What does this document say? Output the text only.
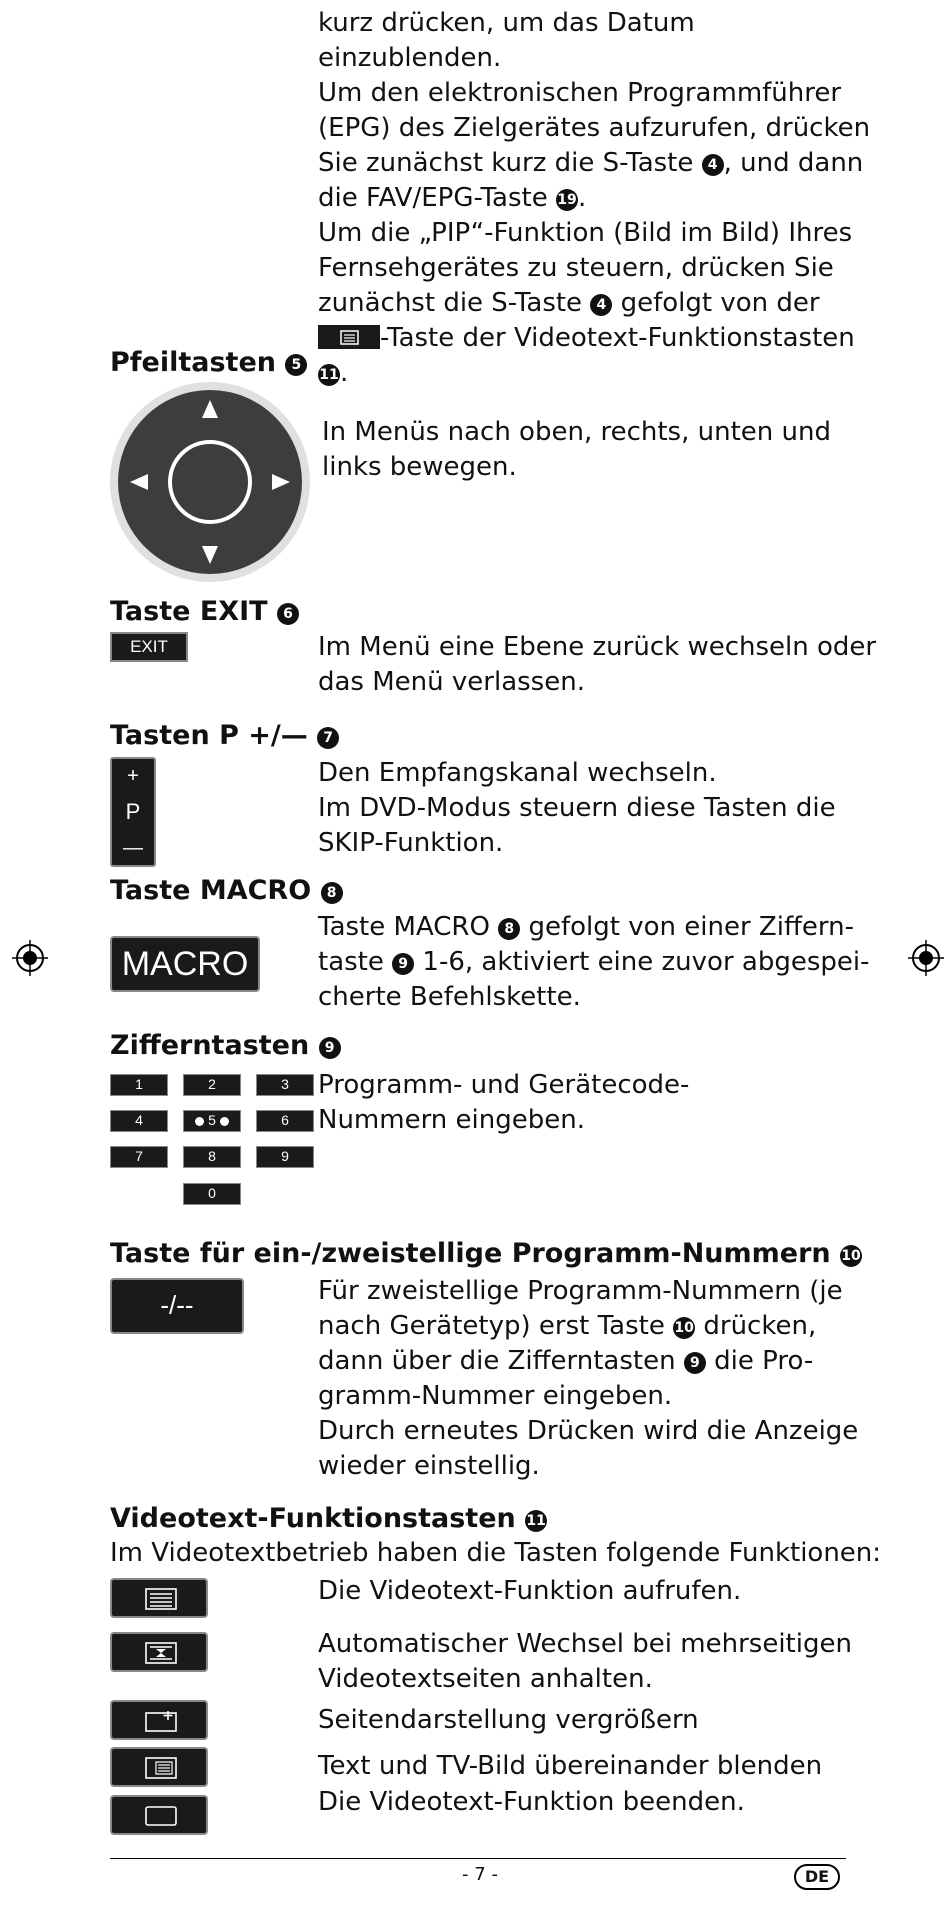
kurz drücken, um das Datum einzublenden.
Um den elektronischen Programmführer
(EPG) des Zielgerätes aufzurufen, drücken
Sie zunächst kurz die S-Taste 4 , und dann
die FAV/EPG-Taste 19.
Um die „PIP“-Funktion (Bild im Bild) Ihres
Fernsehgerätes zu steuern, drücken Sie
zunächst die S-Taste 4 gefolgt von der
-Taste der Videotext-Funktionstasten 11.
Pfeiltasten 5
In Menüs nach oben, rechts, unten und
links bewegen.
Taste EXIT 6
EXIT	Im Menü eine Ebene zurück wechseln oder
das Menü verlassen.
Tasten P +/— 7
+
P
—
Den Empfangskanal wechseln.
Im DVD-Modus steuern diese Tasten die
SKIP-Funktion.
Taste MACRO 8
MACRO
Taste MACRO 8 gefolgt von einer Ziffern-
taste 9 1-6, aktiviert eine zuvor abgespei-
cherte Befehlskette.
Zifferntasten 9
1	2	3
4	5	6
7	8	9
0
Programm- und Gerätecode-
Nummern eingeben.
Taste für ein-/zweistellige Programm-Nummern 10
-/--	Für zweistellige Programm-Nummern (je
nach Gerätetyp) erst Taste 10 drücken,
dann über die Zifferntasten 9 die Pro-
gramm-Nummer eingeben.
Durch erneutes Drücken wird die Anzeige
wieder einstellig.
Videotext-Funktionstasten 11
Im Videotextbetrieb haben die Tasten folgende Funktionen:
Die Videotext-Funktion aufrufen.
Automatischer Wechsel bei mehrseitigen
Videotextseiten anhalten.
Seitendarstellung vergrößern
Text und TV-Bild übereinander blenden
Die Videotext-Funktion beenden.
- 7 -	DE
